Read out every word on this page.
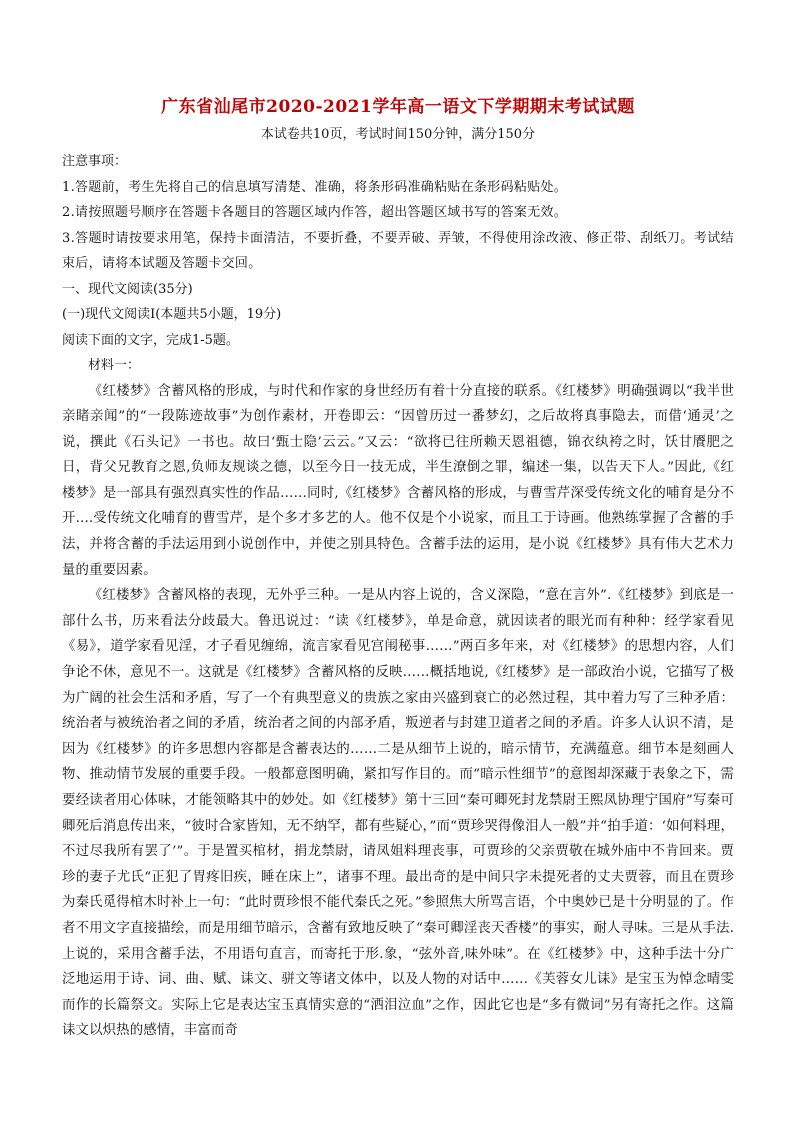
广东省汕尾市2020-2021学年高一语文下学期期末考试试题
本试卷共10页，考试时间150分钟，满分150分
注意事项：
1.答题前，考生先将自己的信息填写清楚、准确，将条形码准确粘贴在条形码粘贴处。
2.请按照题号顺序在答题卡各题目的答题区域内作答，超出答题区域书写的答案无效。
3.答题时请按要求用笔，保持卡面清洁，不要折叠，不要弄破、弄皱，不得使用涂改液、修正带、刮纸刀。考试结束后，请将本试题及答题卡交回。
一、现代文阅读(35分)
(一)现代文阅读Ⅰ(本题共5小题，19分)
阅读下面的文字，完成1-5题。
材料一：

《红楼梦》含蓄风格的形成，与时代和作家的身世经历有着十分直接的联系。《红楼梦》明确强调以“我半世亲睹亲闻”的“一段陈迹故事”为创作素材，开卷即云：“因曾历过一番梦幻，之后故将真事隐去，而借‘通灵’之说，撰此《石头记》一书也。故曰‘甄士隐’云云。”又云：“欲将已往所赖天恩祖德，锦衣纨袴之时，饫甘餍肥之日，背父兄教育之恩,负师友规谈之德，以至今日一技无成，半生潦倒之罪，编述一集，以告天下人。”因此,《红楼梦》是一部具有强烈真实性的作品……同时,《红楼梦》含蓄风格的形成，与曹雪芹深受传统文化的哺育是分不开....受传统文化哺育的曹雪芹，是个多才多艺的人。他不仅是个小说家，而且工于诗画。他熟练掌握了含蓄的手法，并将含蓄的手法运用到小说创作中，并使之别具特色。含蓄手法的运用，是小说《红楼梦》具有伟大艺术力量的重要因素。

《红楼梦》含蓄风格的表现，无外乎三种。一是从内容上说的，含义深隐，“意在言外”.《红楼梦》到底是一部什么书，历来看法分歧最大。鲁迅说过：“读《红楼梦》，单是命意，就因读者的眼光而有种种：经学家看见《易》，道学家看见淫，才子看见缠绵，流言家看见宫闱秘事……”两百多年来，对《红楼梦》的思想内容，人们争论不休，意见不一。这就是《红楼梦》含蓄风格的反映……概括地说,《红楼梦》是一部政治小说，它描写了极为广阔的社会生活和矛盾，写了一个有典型意义的贵族之家由兴盛到衰亡的必然过程，其中着力写了三种矛盾：统治者与被统治者之间的矛盾，统治者之间的内部矛盾，叛逆者与封建卫道者之间的矛盾。许多人认识不清，是因为《红楼梦》的许多思想内容都是含蓄表达的……二是从细节上说的，暗示情节，充满蕴意。细节本是刻画人物、推动情节发展的重要手段。一般都意图明确，紧扣写作目的。而“暗示性细节”的意图却深藏于表象之下，需要经读者用心体味，才能领略其中的妙处。如《红楼梦》第十三回“秦可卿死封龙禁尉王熙凤协理宁国府”写秦可卿死后消息传出来，“彼时合家皆知，无不纳罕，都有些疑心，”而“贾珍哭得像泪人一般”并“拍手道：‘如何料理，不过尽我所有罢了’”。于是置买棺材，捐龙禁尉，请凤姐料理丧事，可贾珍的父亲贾敬在城外庙中不肯回来。贾珍的妻子尤氏“正犯了胃疼旧疾，睡在床上”，诸事不理。最出奇的是中间只字未提死者的丈夫贾蓉，而且在贾珍为秦氏觅得棺木时补上一句：“此时贾珍恨不能代秦氏之死。”参照焦大所骂言语，个中奥妙已是十分明显的了。作者不用文字直接描绘，而是用细节暗示，含蓄有致地反映了“秦可卿淫丧天香楼”的事实，耐人寻味。三是从手法.上说的，采用含蓄手法，不用语句直言，而寄托于形.象，“弦外音,味外味”。在《红楼梦》中，这种手法十分广泛地运用于诗、词、曲、赋、诔文、骈文等诸文体中，以及人物的对话中……《芙蓉女儿诔》是宝玉为悼念晴雯而作的长篇祭文。实际上它是表达宝玉真情实意的“洒泪泣血”之作，因此它也是“多有微词”另有寄托之作。这篇诔文以炽热的感情，丰富而奇
